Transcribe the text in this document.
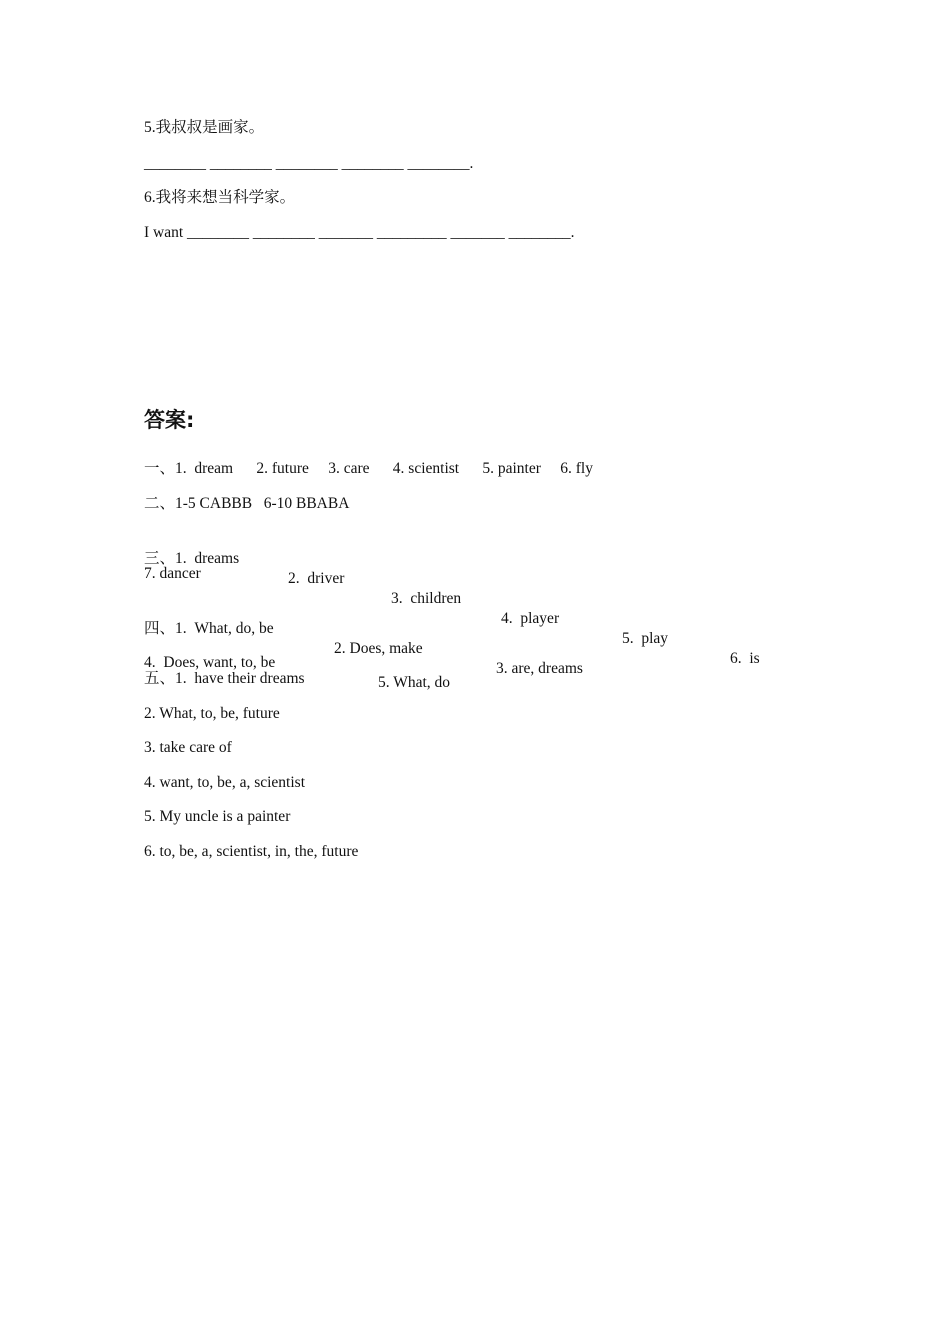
5.我叔叔是画家。
________ ________ ________ ________ ________.
6.我将来想当科学家。
I want ________ ________ _______ _________ _______ ________.
答案:
一、1.  dream      2. future     3. care      4. scientist      5. painter     6. fly
二、1-5 CABBB   6-10 BBABA

三、1.  dreams

2.  driver

3.  children

4.  player

5.  play

6.  is

7. dancer

四、1.  What, do, be

2. Does, make

3. are, dreams

4.  Does, want, to, be

5. What, do

五、1.  have their dreams
2. What, to, be, future
3. take care of
4. want, to, be, a, scientist
5. My uncle is a painter
6. to, be, a, scientist, in, the, future
